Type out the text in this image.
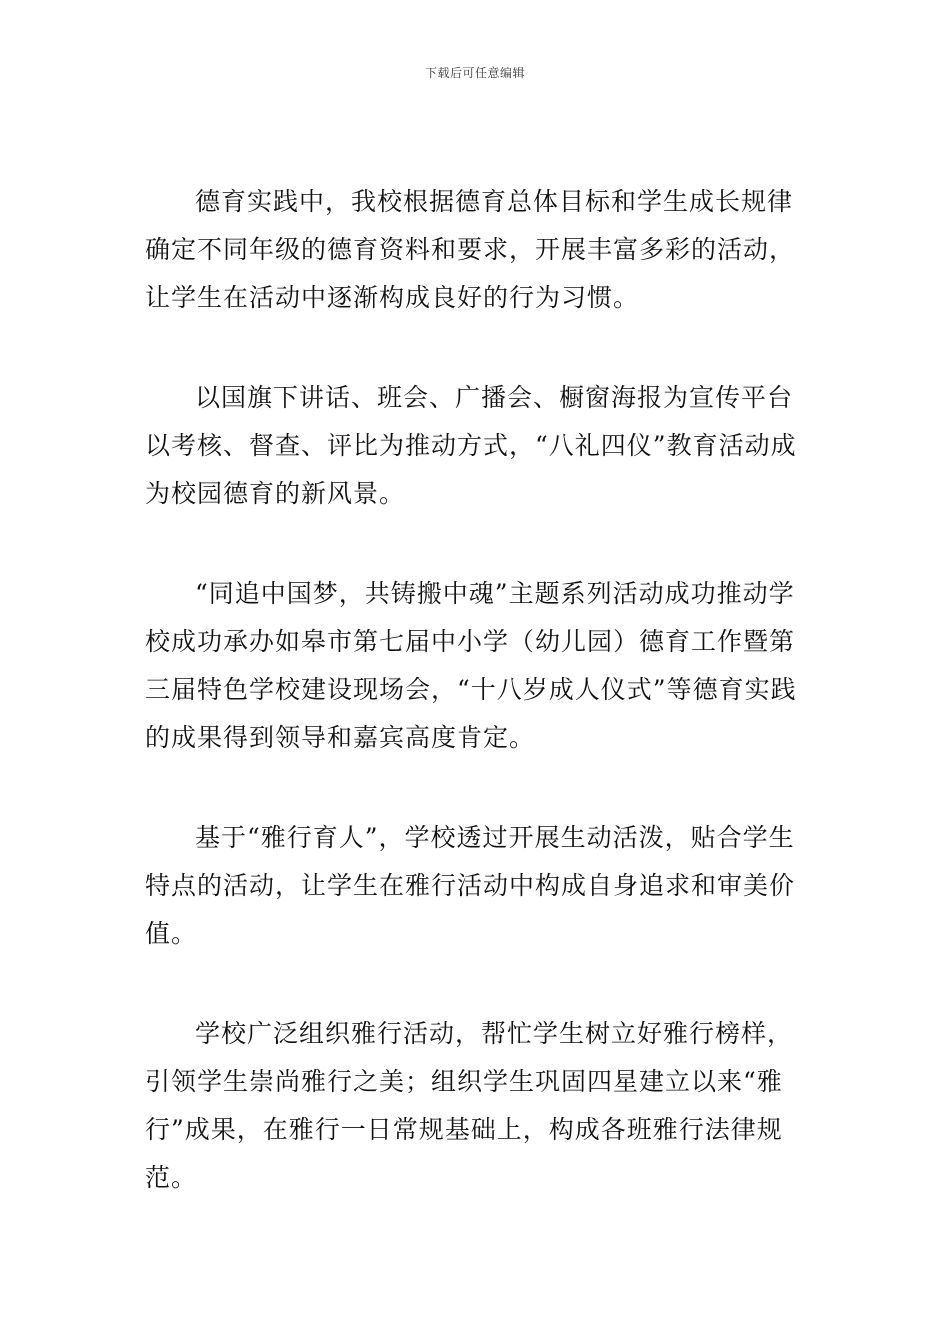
下载后可任意编辑

德育实践中，我校根据德育总体目标和学生成长规律确定不同年级的德育资料和要求，开展丰富多彩的活动，让学生在活动中逐渐构成良好的行为习惯。

以国旗下讲话、班会、广播会、橱窗海报为宣传平台以考核、督查、评比为推动方式，“八礼四仪”教育活动成为校园德育的新风景。

“同追中国梦，共铸搬中魂”主题系列活动成功推动学校成功承办如皋市第七届中小学（幼儿园）德育工作暨第三届特色学校建设现场会，“十八岁成人仪式”等德育实践的成果得到领导和嘉宾高度肯定。

基于“雅行育人”，学校透过开展生动活泼，贴合学生特点的活动，让学生在雅行活动中构成自身追求和审美价值。

学校广泛组织雅行活动，帮忙学生树立好雅行榜样，引领学生崇尚雅行之美；组织学生巩固四星建立以来“雅行”成果，在雅行一日常规基础上，构成各班雅行法律规范。
